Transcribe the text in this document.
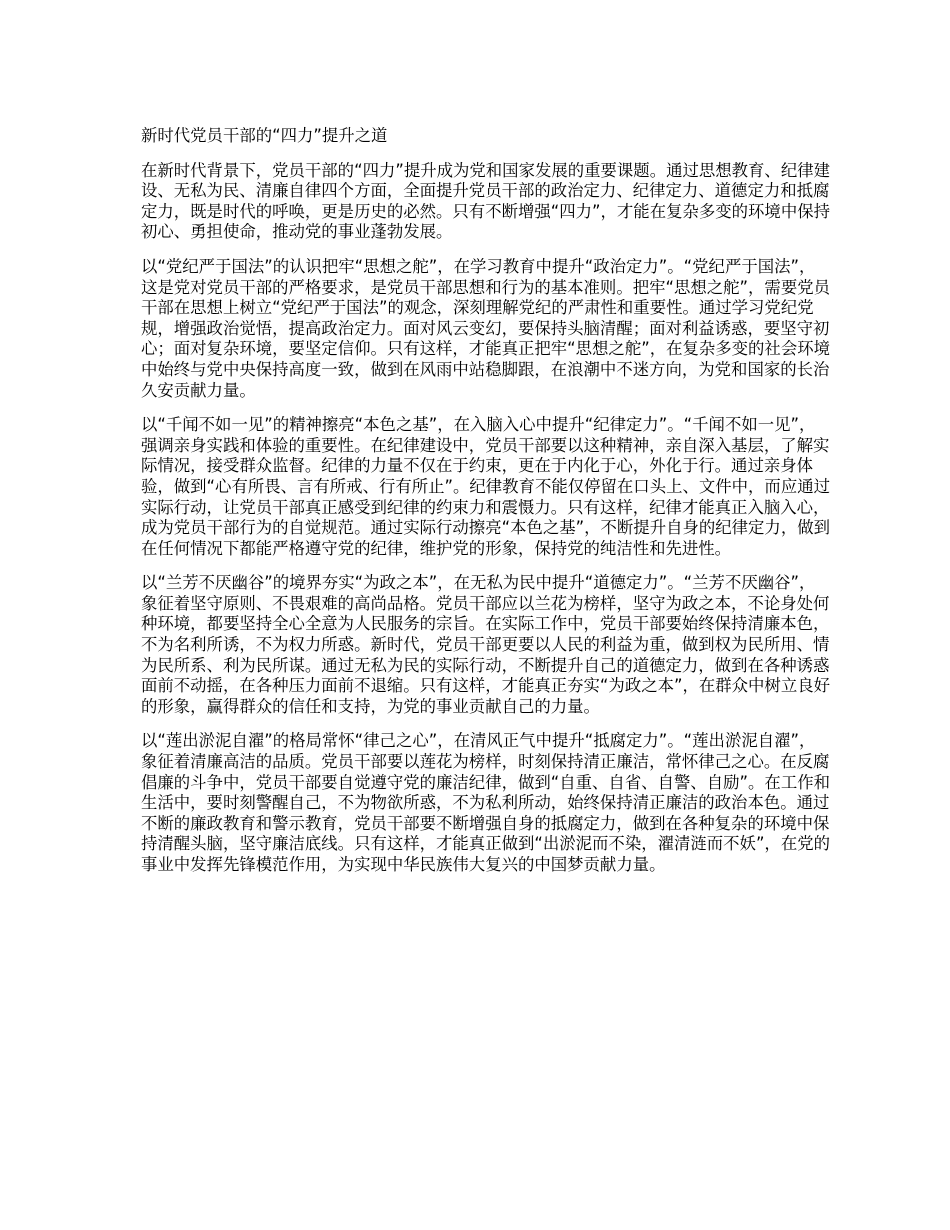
新时代党员干部的“四力”提升之道

在新时代背景下，党员干部的“四力”提升成为党和国家发展的重要课题。通过思想教育、纪律建设、无私为民、清廉自律四个方面，全面提升党员干部的政治定力、纪律定力、道德定力和抵腐定力，既是时代的呼唤，更是历史的必然。只有不断增强“四力”，才能在复杂多变的环境中保持初心、勇担使命，推动党的事业蓬勃发展。

以“党纪严于国法”的认识把牢“思想之舵”，在学习教育中提升“政治定力”。“党纪严于国法”，这是党对党员干部的严格要求，是党员干部思想和行为的基本准则。把牢“思想之舵”，需要党员干部在思想上树立“党纪严于国法”的观念，深刻理解党纪的严肃性和重要性。通过学习党纪党规，增强政治觉悟，提高政治定力。面对风云变幻，要保持头脑清醒；面对利益诱惑，要坚守初心；面对复杂环境，要坚定信仰。只有这样，才能真正把牢“思想之舵”，在复杂多变的社会环境中始终与党中央保持高度一致，做到在风雨中站稳脚跟，在浪潮中不迷方向，为党和国家的长治久安贡献力量。

以“千闻不如一见”的精神擦亮“本色之基”，在入脑入心中提升“纪律定力”。“千闻不如一见”，强调亲身实践和体验的重要性。在纪律建设中，党员干部要以这种精神，亲自深入基层，了解实际情况，接受群众监督。纪律的力量不仅在于约束，更在于内化于心，外化于行。通过亲身体验，做到“心有所畏、言有所戒、行有所止”。纪律教育不能仅停留在口头上、文件中，而应通过实际行动，让党员干部真正感受到纪律的约束力和震慑力。只有这样，纪律才能真正入脑入心，成为党员干部行为的自觉规范。通过实际行动擦亮“本色之基”，不断提升自身的纪律定力，做到在任何情况下都能严格遵守党的纪律，维护党的形象，保持党的纯洁性和先进性。

以“兰芳不厌幽谷”的境界夯实“为政之本”，在无私为民中提升“道德定力”。“兰芳不厌幽谷”，象征着坚守原则、不畏艰难的高尚品格。党员干部应以兰花为榜样，坚守为政之本，不论身处何种环境，都要坚持全心全意为人民服务的宗旨。在实际工作中，党员干部要始终保持清廉本色，不为名利所诱，不为权力所惑。新时代，党员干部更要以人民的利益为重，做到权为民所用、情为民所系、利为民所谋。通过无私为民的实际行动，不断提升自己的道德定力，做到在各种诱惑面前不动摇，在各种压力面前不退缩。只有这样，才能真正夯实“为政之本”，在群众中树立良好的形象，赢得群众的信任和支持，为党的事业贡献自己的力量。

以“莲出淤泥自濯”的格局常怀“律己之心”，在清风正气中提升“抵腐定力”。“莲出淤泥自濯”，象征着清廉高洁的品质。党员干部要以莲花为榜样，时刻保持清正廉洁，常怀律己之心。在反腐倡廉的斗争中，党员干部要自觉遵守党的廉洁纪律，做到“自重、自省、自警、自励”。在工作和生活中，要时刻警醒自己，不为物欲所惑，不为私利所动，始终保持清正廉洁的政治本色。通过不断的廉政教育和警示教育，党员干部要不断增强自身的抵腐定力，做到在各种复杂的环境中保持清醒头脑，坚守廉洁底线。只有这样，才能真正做到“出淤泥而不染，濯清涟而不妖”，在党的事业中发挥先锋模范作用，为实现中华民族伟大复兴的中国梦贡献力量。
